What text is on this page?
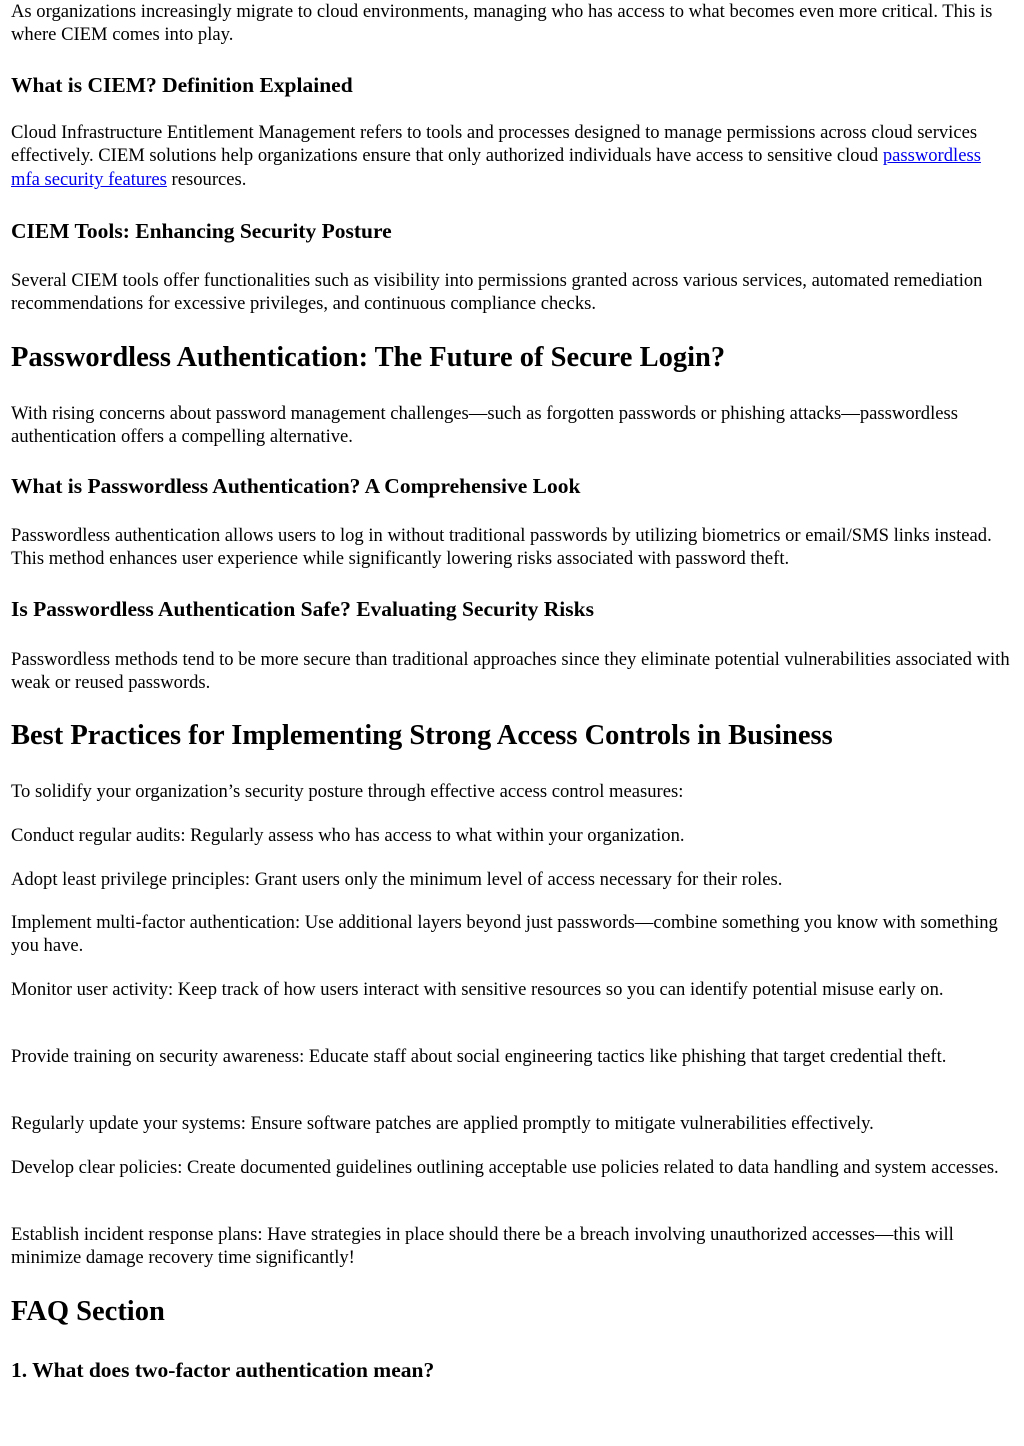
As organizations increasingly migrate to cloud environments, managing who has access to what becomes even more critical. This is where CIEM comes into play.

What is CIEM? Definition Explained

Cloud Infrastructure Entitlement Management refers to tools and processes designed to manage permissions across cloud services effectively. CIEM solutions help organizations ensure that only authorized individuals have access to sensitive cloud passwordless mfa security features resources.

CIEM Tools: Enhancing Security Posture

Several CIEM tools offer functionalities such as visibility into permissions granted across various services, automated remediation recommendations for excessive privileges, and continuous compliance checks.

Passwordless Authentication: The Future of Secure Login?

With rising concerns about password management challenges—such as forgotten passwords or phishing attacks—passwordless authentication offers a compelling alternative.

What is Passwordless Authentication? A Comprehensive Look

Passwordless authentication allows users to log in without traditional passwords by utilizing biometrics or email/SMS links instead. This method enhances user experience while significantly lowering risks associated with password theft.

Is Passwordless Authentication Safe? Evaluating Security Risks

Passwordless methods tend to be more secure than traditional approaches since they eliminate potential vulnerabilities associated with weak or reused passwords.

Best Practices for Implementing Strong Access Controls in Business

To solidify your organization’s security posture through effective access control measures:

Conduct regular audits: Regularly assess who has access to what within your organization.

Adopt least privilege principles: Grant users only the minimum level of access necessary for their roles.

Implement multi-factor authentication: Use additional layers beyond just passwords—combine something you know with something you have.

Monitor user activity: Keep track of how users interact with sensitive resources so you can identify potential misuse early on.

Provide training on security awareness: Educate staff about social engineering tactics like phishing that target credential theft.

Regularly update your systems: Ensure software patches are applied promptly to mitigate vulnerabilities effectively.

Develop clear policies: Create documented guidelines outlining acceptable use policies related to data handling and system accesses.

Establish incident response plans: Have strategies in place should there be a breach involving unauthorized accesses—this will minimize damage recovery time significantly!

FAQ Section
1. What does two-factor authentication mean?
